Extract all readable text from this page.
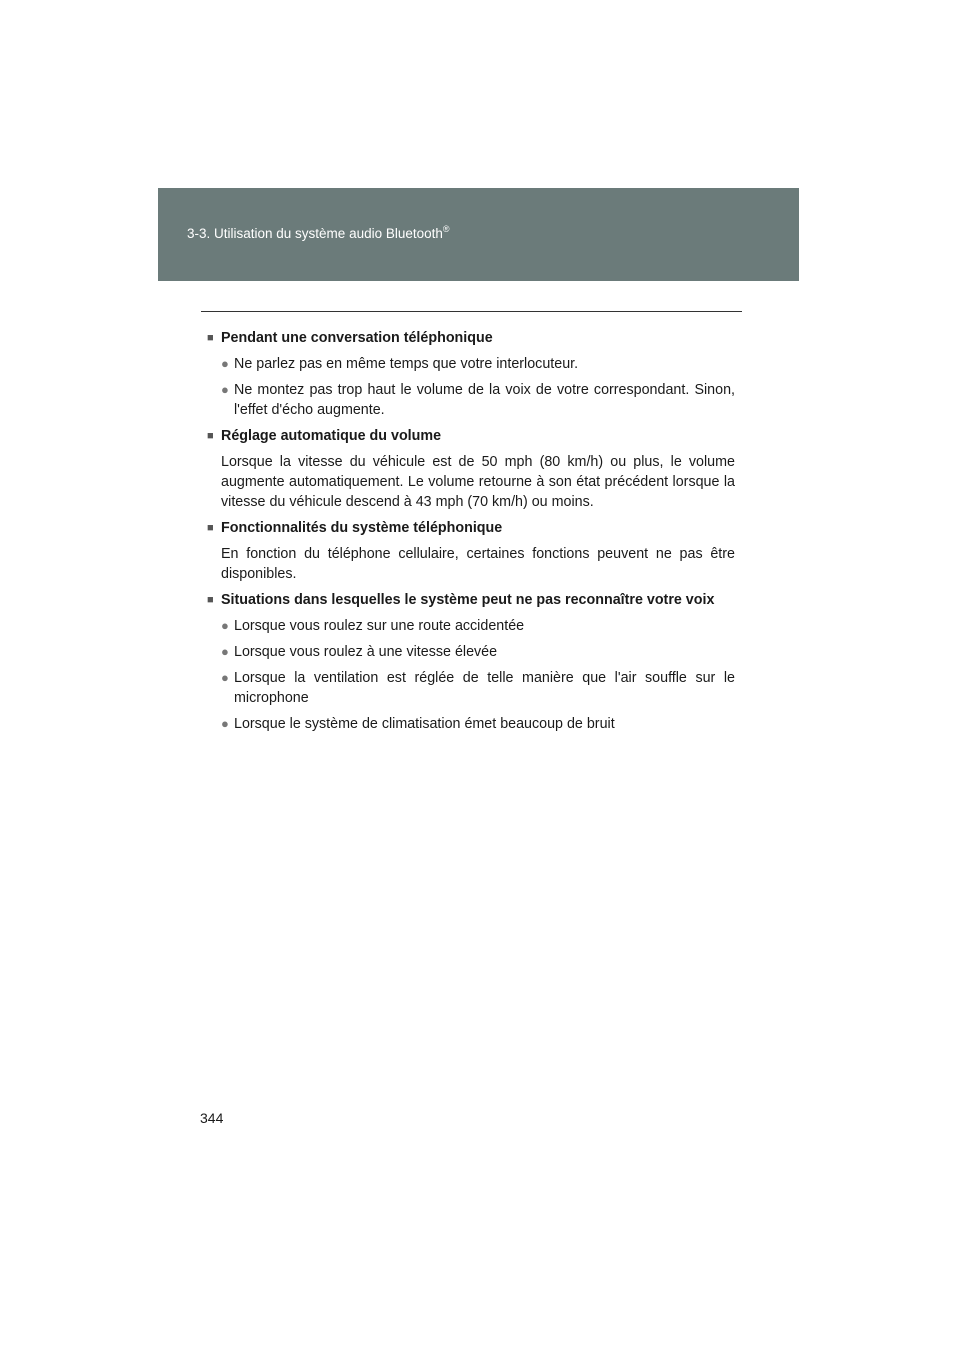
3-3. Utilisation du système audio Bluetooth®
■ Pendant une conversation téléphonique
● Ne parlez pas en même temps que votre interlocuteur.
● Ne montez pas trop haut le volume de la voix de votre correspondant. Sinon, l'effet d'écho augmente.
■ Réglage automatique du volume

Lorsque la vitesse du véhicule est de 50 mph (80 km/h) ou plus, le volume augmente automatiquement. Le volume retourne à son état précédent lorsque la vitesse du véhicule descend à 43 mph (70 km/h) ou moins.

■ Fonctionnalités du système téléphonique

En fonction du téléphone cellulaire, certaines fonctions peuvent ne pas être disponibles.

■ Situations dans lesquelles le système peut ne pas reconnaître votre voix
● Lorsque vous roulez sur une route accidentée
● Lorsque vous roulez à une vitesse élevée
● Lorsque la ventilation est réglée de telle manière que l'air souffle sur le microphone
● Lorsque le système de climatisation émet beaucoup de bruit
344
